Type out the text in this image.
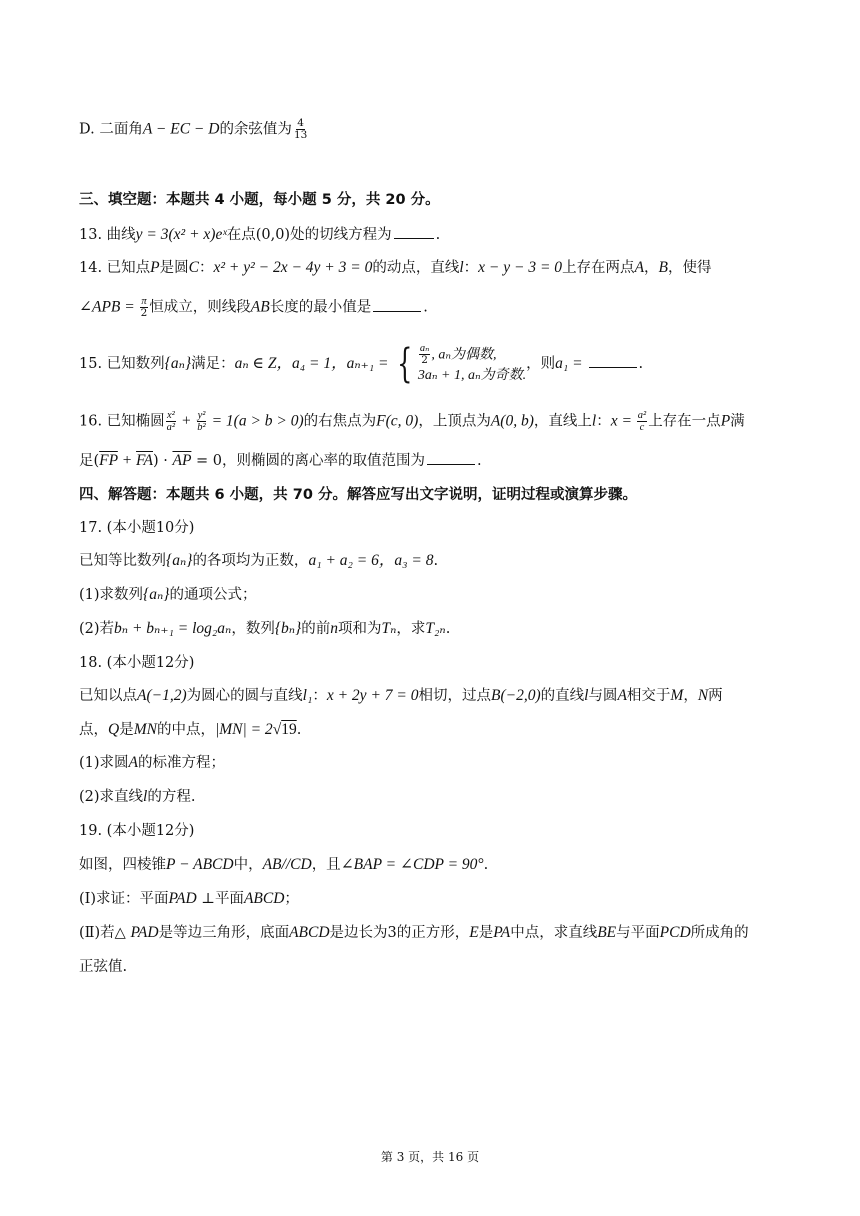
D. 二面角A − EC − D的余弦值为 $\frac{4}{13}$
三、填空题：本题共 4 小题，每小题 5 分，共 20 分。
13. 曲线y = 3(x² + x)eˣ在点(0,0)处的切线方程为	.
14. 已知点P是圆C：x² + y² − 2x − 4y + 3 = 0的动点，直线l：x − y − 3 = 0上存在两点A，B，使得
∠APB = $\frac{\pi}{2}$ 恒成立，则线段AB长度的最小值是	.
15. 已知数列{aₙ}满足：aₙ ∈ Z，a₄ = 1，aₙ₊₁ = { $\frac{\text{aₙ}}{2}$ , aₙ为偶数,
3aₙ + 1, aₙ为奇数.
，则a₁ =	.
16. 已知椭圆 $\frac{\text{x²}}{\text{a²}} + \frac{\text{y²}}{\text{b²}} = 1(a > b > 0)$的右焦点为F(c, 0)，上顶点为A(0, b)，直线上l：$x = \frac{\text{a²}}{c}$ 上存在一点P满
足$(\overline{FP} + \overline{FA}) \cdot \overline{AP} = 0$，则椭圆的离心率的取值范围为	.
四、解答题：本题共 6 小题，共 70 分。解答应写出文字说明，证明过程或演算步骤。
17. (本小题10分)
已知等比数列{aₙ}的各项均为正数，a₁ + a₂ = 6，a₃ = 8.
(1)求数列{aₙ}的通项公式；
(2)若bₙ + bₙ₊₁ = log₂aₙ，数列{bₙ}的前n项和为Tₙ，求T₂ₙ.
18. (本小题12分)
已知以点A(−1,2)为圆心的圆与直线l₁：x + 2y + 7 = 0相切，过点B(−2,0)的直线l与圆A相交于M，N两
点，Q是MN的中点，|MN| = 2√19.
(1)求圆A的标准方程；
(2)求直线l的方程.
19. (本小题12分)
如图，四棱锥P − ABCD中，AB//CD，且∠BAP = ∠CDP = 90°.
(Ⅰ)求证：平面PAD ⊥平面ABCD；
(Ⅱ)若△ PAD是等边三角形，底面ABCD是边长为3的正方形，E是PA中点，求直线BE与平面PCD所成角的
正弦值.
第 3 页，共 16 页
